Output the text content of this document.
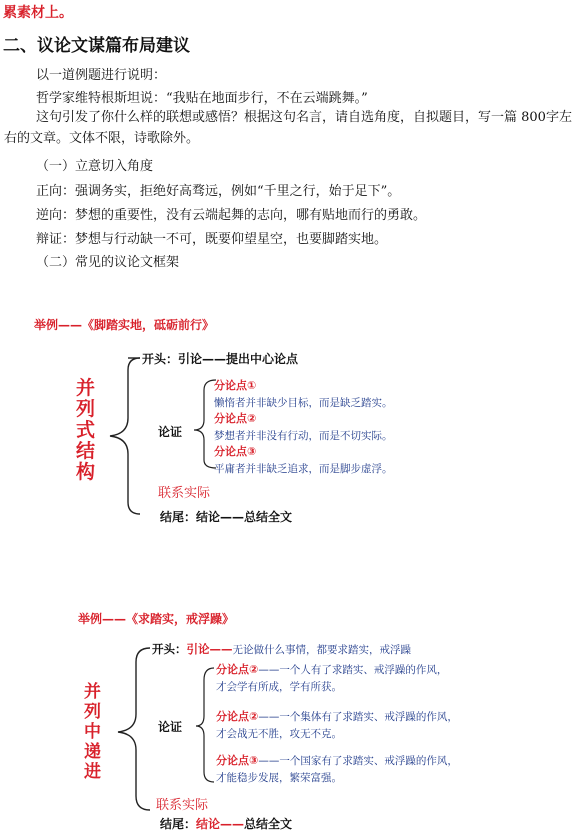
累素材上。
二、议论文谋篇布局建议
以一道例题进行说明：
哲学家维特根斯坦说：“我贴在地面步行，不在云端跳舞。”
这句引发了你什么样的联想或感悟？根据这句名言，请自选角度，自拟题目，写一篇 800字左右的文章。文体不限，诗歌除外。
（一）立意切入角度
正向：强调务实，拒绝好高骛远，例如“千里之行，始于足下”。
逆向：梦想的重要性，没有云端起舞的志向，哪有贴地而行的勇敢。
辩证：梦想与行动缺一不可，既要仰望星空，也要脚踏实地。
（二）常见的议论文框架
举例——《脚踏实地，砥砺前行》
并
列
式
结
构
开头：引论——提出中心论点
论证
分论点①
懒惰者并非缺少目标，而是缺乏踏实。
分论点②
梦想者并非没有行动，而是不切实际。
分论点③
平庸者并非缺乏追求，而是脚步虚浮。
联系实际
结尾：结论——总结全文
举例——《求踏实，戒浮躁》
并
列
中
递
进
开头：引论——无论做什么事情，都要求踏实，戒浮躁
论证
分论点②——一个人有了求踏实、戒浮躁的作风，
才会学有所成，学有所获。
分论点②——一个集体有了求踏实、戒浮躁的作风，
才会战无不胜，攻无不克。
分论点③——一个国家有了求踏实、戒浮躁的作风，
才能稳步发展，繁荣富强。
联系实际
结尾：结论——总结全文
